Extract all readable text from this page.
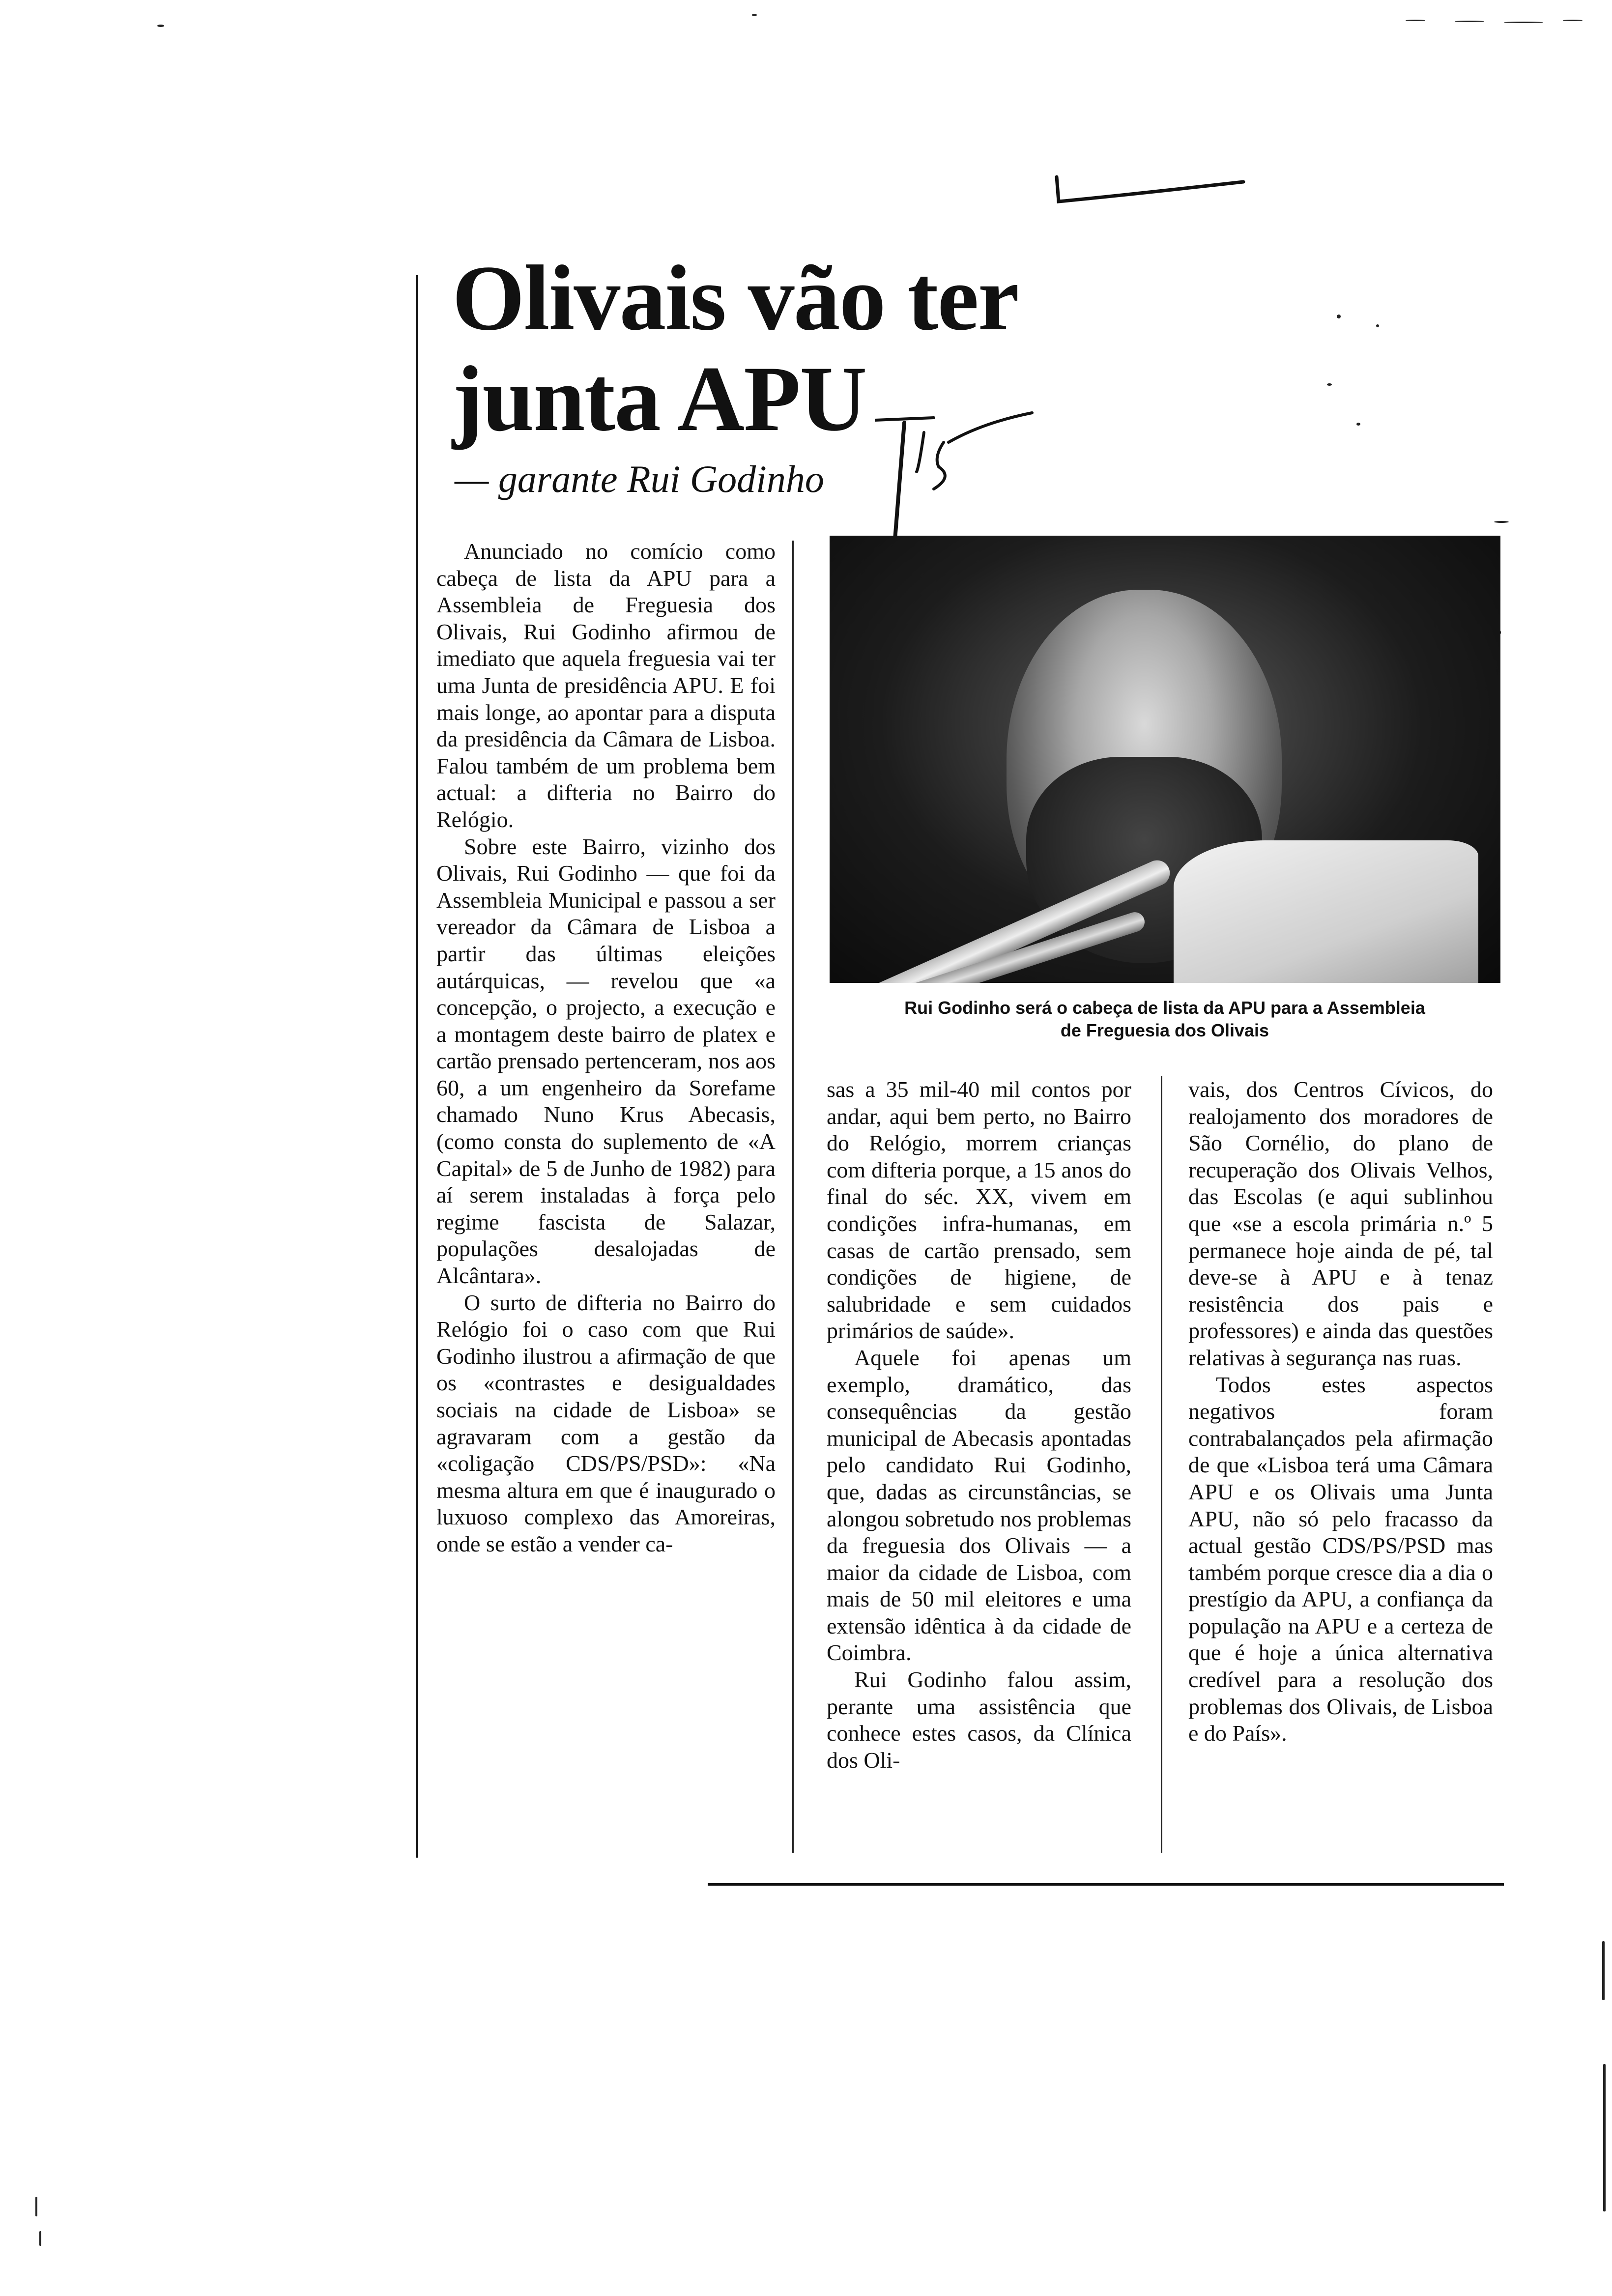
Olivais vão ter
junta APU

— garante Rui Godinho

Anunciado no comício como cabeça de lista da APU para a Assembleia de Freguesia dos Olivais, Rui Godinho afirmou de imediato que aquela freguesia vai ter uma Junta de presidência APU. E foi mais longe, ao apontar para a disputa da presidência da Câmara de Lisboa. Falou também de um problema bem actual: a difteria no Bairro do Relógio.

Sobre este Bairro, vizinho dos Olivais, Rui Godinho — que foi da Assembleia Municipal e passou a ser vereador da Câmara de Lisboa a partir das últimas eleições autárquicas, — revelou que «a concepção, o projecto, a execução e a montagem deste bairro de platex e cartão prensado pertenceram, nos aos 60, a um engenheiro da Sorefame chamado Nuno Krus Abecasis, (como consta do suplemento de «A Capital» de 5 de Junho de 1982) para aí serem instaladas à força pelo regime fascista de Salazar, populações desalojadas de Alcântara».

O surto de difteria no Bairro do Relógio foi o caso com que Rui Godinho ilustrou a afirmação de que os «contrastes e desigualdades sociais na cidade de Lisboa» se agravaram com a gestão da «coligação CDS/PS/PSD»: «Na mesma altura em que é inaugurado o luxuoso complexo das Amoreiras, onde se estão a vender ca-

Rui Godinho será o cabeça de lista da APU para a Assembleia
de Freguesia dos Olivais

sas a 35 mil-40 mil contos por andar, aqui bem perto, no Bairro do Relógio, morrem crianças com difteria porque, a 15 anos do final do séc. XX, vivem em condições infra-humanas, em casas de cartão prensado, sem condições de higiene, de salubridade e sem cuidados primários de saúde».

Aquele foi apenas um exemplo, dramático, das consequências da gestão municipal de Abecasis apontadas pelo candidato Rui Godinho, que, dadas as circunstâncias, se alongou sobretudo nos problemas da freguesia dos Olivais — a maior da cidade de Lisboa, com mais de 50 mil eleitores e uma extensão idêntica à da cidade de Coimbra.

Rui Godinho falou assim, perante uma assistência que conhece estes casos, da Clínica dos Oli-

vais, dos Centros Cívicos, do realojamento dos moradores de São Cornélio, do plano de recuperação dos Olivais Velhos, das Escolas (e aqui sublinhou que «se a escola primária n.º 5 permanece hoje ainda de pé, tal deve-se à APU e à tenaz resistência dos pais e professores) e ainda das questões relativas à segurança nas ruas.

Todos estes aspectos negativos foram contrabalançados pela afirmação de que «Lisboa terá uma Câmara APU e os Olivais uma Junta APU, não só pelo fracasso da actual gestão CDS/PS/PSD mas também porque cresce dia a dia o prestígio da APU, a confiança da população na APU e a certeza de que é hoje a única alternativa credível para a resolução dos problemas dos Olivais, de Lisboa e do País».
